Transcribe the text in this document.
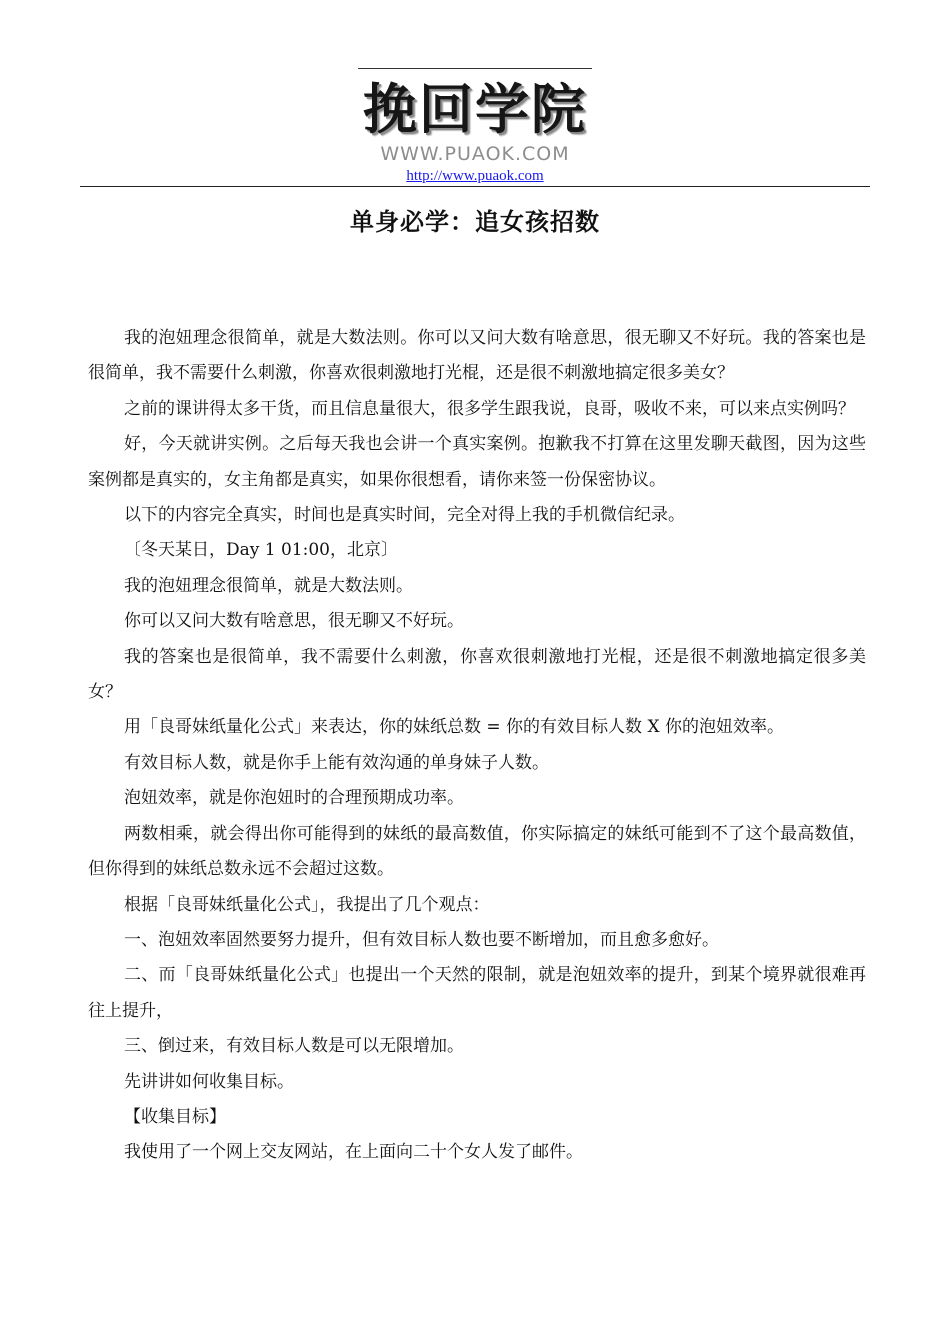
挽回学院
WWW.PUAOK.COM
http://www.puaok.com
单身必学：追女孩招数

我的泡妞理念很简单，就是大数法则。你可以又问大数有啥意思，很无聊又不好玩。我的答案也是很简单，我不需要什么刺激，你喜欢很刺激地打光棍，还是很不刺激地搞定很多美女？

之前的课讲得太多干货，而且信息量很大，很多学生跟我说，良哥，吸收不来，可以来点实例吗？

好，今天就讲实例。之后每天我也会讲一个真实案例。抱歉我不打算在这里发聊天截图，因为这些案例都是真实的，女主角都是真实，如果你很想看，请你来签一份保密协议。

以下的内容完全真实，时间也是真实时间，完全对得上我的手机微信纪录。

〔冬天某日，Day 1 01:00，北京〕

我的泡妞理念很简单，就是大数法则。

你可以又问大数有啥意思，很无聊又不好玩。

我的答案也是很简单，我不需要什么刺激，你喜欢很刺激地打光棍，还是很不刺激地搞定很多美女？

用「良哥妹纸量化公式」来表达，你的妹纸总数 = 你的有效目标人数 X 你的泡妞效率。

有效目标人数，就是你手上能有效沟通的单身妹子人数。

泡妞效率，就是你泡妞时的合理预期成功率。

两数相乘，就会得出你可能得到的妹纸的最高数值，你实际搞定的妹纸可能到不了这个最高数值，但你得到的妹纸总数永远不会超过这数。

根据「良哥妹纸量化公式」，我提出了几个观点：

一、泡妞效率固然要努力提升，但有效目标人数也要不断增加，而且愈多愈好。

二、而「良哥妹纸量化公式」也提出一个天然的限制，就是泡妞效率的提升，到某个境界就很难再往上提升，

三、倒过来，有效目标人数是可以无限增加。

先讲讲如何收集目标。

【收集目标】

我使用了一个网上交友网站，在上面向二十个女人发了邮件。
